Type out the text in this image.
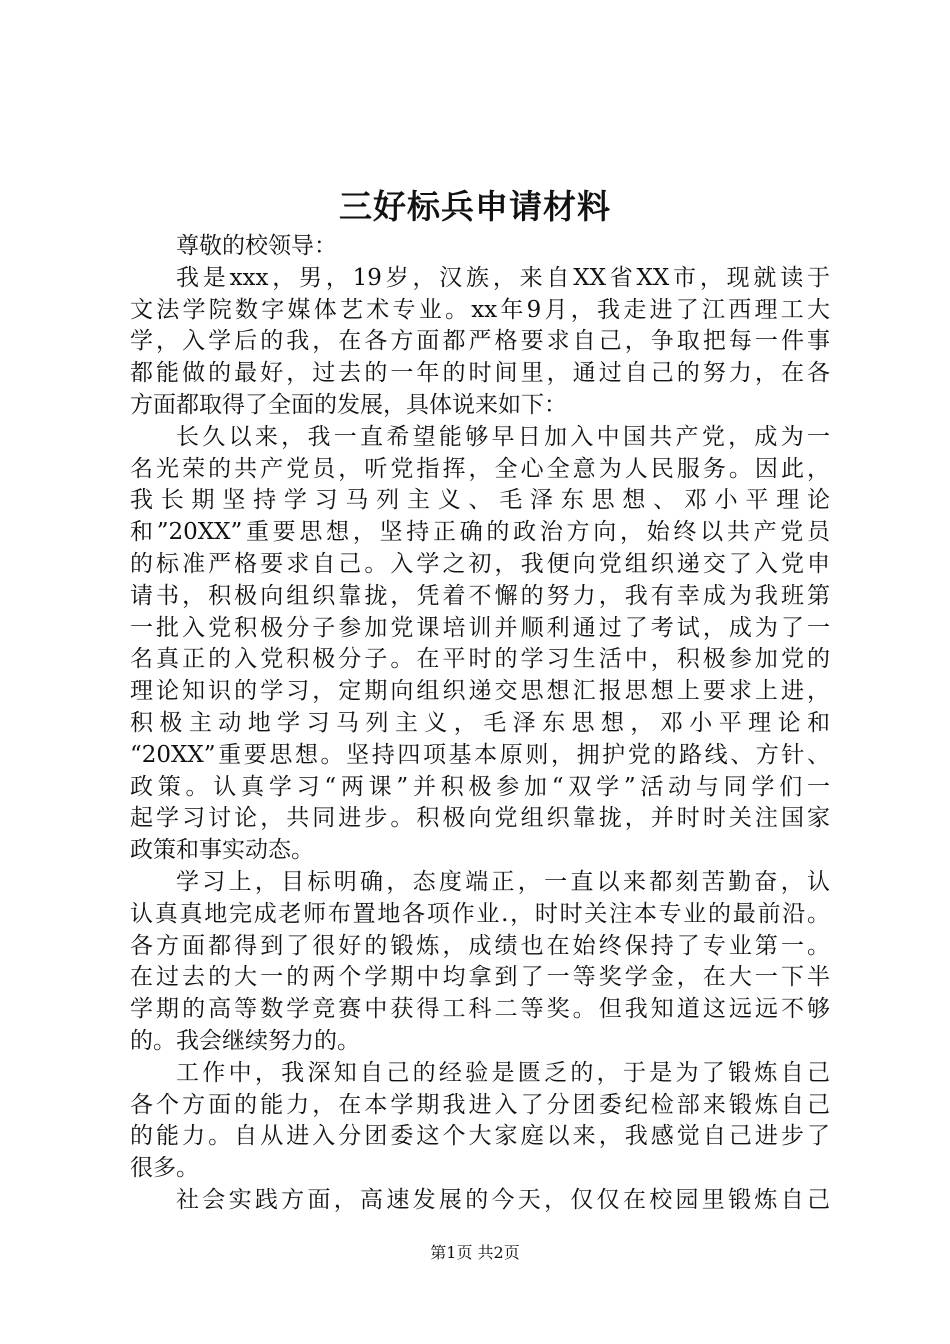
三好标兵申请材料
尊敬的校领导：
我是xxx，男，19岁，汉族，来自XX省XX市，现就读于
文法学院数字媒体艺术专业。xx年9月，我走进了江西理工大
学，入学后的我，在各方面都严格要求自己，争取把每一件事
都能做的最好，过去的一年的时间里，通过自己的努力，在各
方面都取得了全面的发展，具体说来如下：
长久以来，我一直希望能够早日加入中国共产党，成为一
名光荣的共产党员，听党指挥，全心全意为人民服务。因此，
我长期坚持学习马列主义、毛泽东思想、邓小平理论
和”20XX”重要思想，坚持正确的政治方向，始终以共产党员
的标准严格要求自己。入学之初，我便向党组织递交了入党申
请书，积极向组织靠拢，凭着不懈的努力，我有幸成为我班第
一批入党积极分子参加党课培训并顺利通过了考试，成为了一
名真正的入党积极分子。在平时的学习生活中，积极参加党的
理论知识的学习，定期向组织递交思想汇报思想上要求上进，
积极主动地学习马列主义，毛泽东思想，邓小平理论和
“20XX”重要思想。坚持四项基本原则，拥护党的路线、方针、
政策。认真学习“两课”并积极参加“双学”活动与同学们一
起学习讨论，共同进步。积极向党组织靠拢，并时时关注国家
政策和事实动态。
学习上，目标明确，态度端正，一直以来都刻苦勤奋，认
认真真地完成老师布置地各项作业.，时时关注本专业的最前沿。
各方面都得到了很好的锻炼，成绩也在始终保持了专业第一。
在过去的大一的两个学期中均拿到了一等奖学金，在大一下半
学期的高等数学竞赛中获得工科二等奖。但我知道这远远不够
的。我会继续努力的。
工作中，我深知自己的经验是匮乏的，于是为了锻炼自己
各个方面的能力，在本学期我进入了分团委纪检部来锻炼自己
的能力。自从进入分团委这个大家庭以来，我感觉自己进步了
很多。
社会实践方面，高速发展的今天，仅仅在校园里锻炼自己
第1页 共2页
